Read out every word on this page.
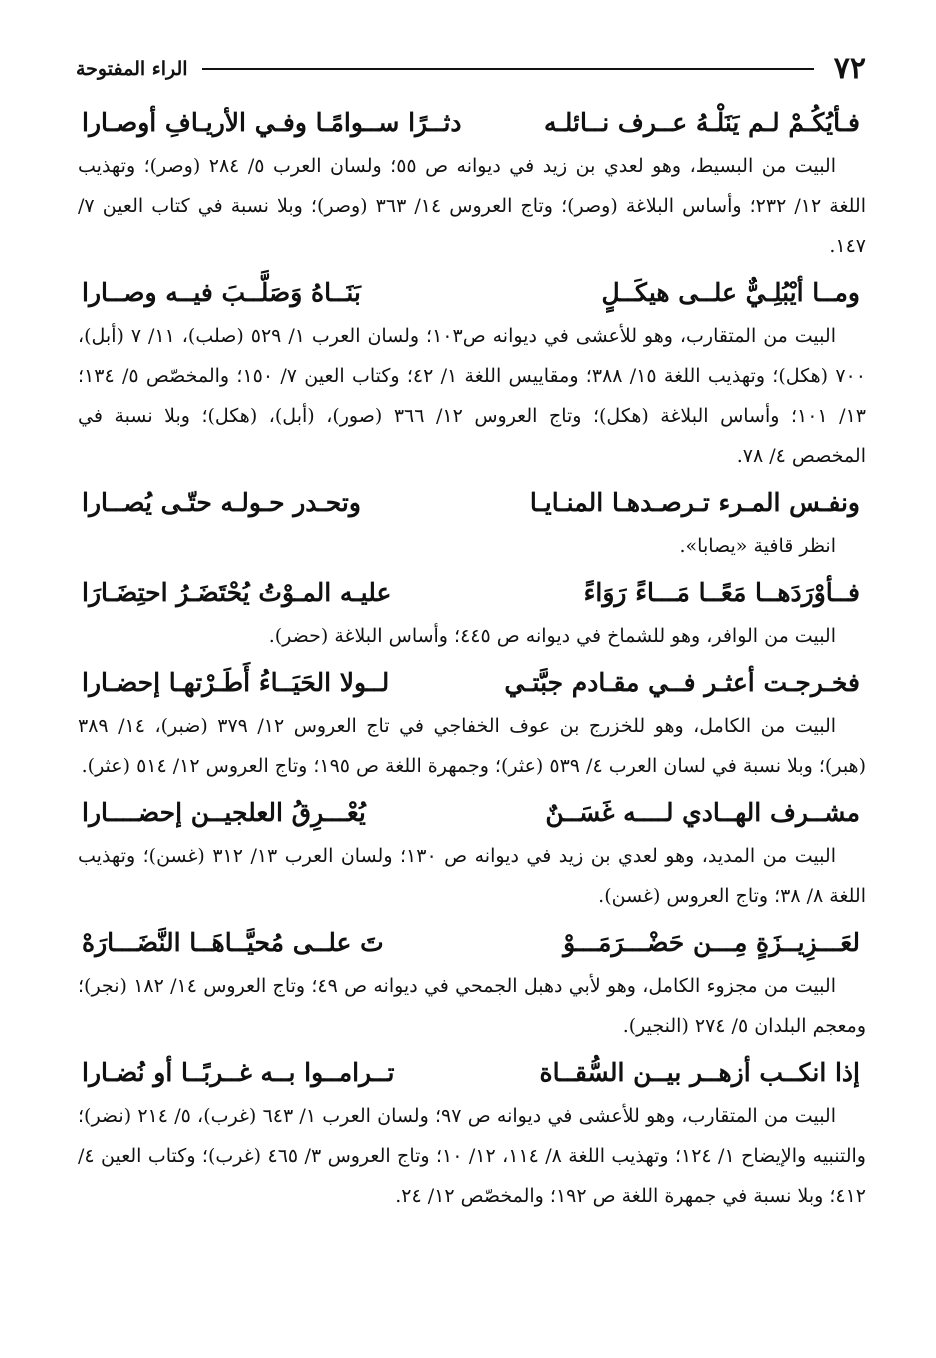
٧٢
الراء المفتوحة
فـأيُكُـمْ لـم يَنَلْـهُ عــرف نــائلـه
دثــرًا ســوامًـا وفـي الأريـافِ أوصـارا
البيت من البسيط، وهو لعدي بن زيد في ديوانه ص ٥٥؛ ولسان العرب ٥/ ٢٨٤ (وصر)؛ وتهذيب اللغة ١٢/ ٢٣٢؛ وأساس البلاغة (وصر)؛ وتاج العروس ١٤/ ٣٦٣ (وصر)؛ وبلا نسبة في كتاب العين ٧/ ١٤٧.
ومــا أيْبُلِـيٌّ علــى هيكَــلٍ
بَنَــاهُ وَصَلَّــبَ فيــه وصــارا
البيت من المتقارب، وهو للأعشى في ديوانه ص١٠٣؛ ولسان العرب ١/ ٥٢٩ (صلب)، ١١/ ٧ (أبل)، ٧٠٠ (هكل)؛ وتهذيب اللغة ١٥/ ٣٨٨؛ ومقاييس اللغة ١/ ٤٢؛ وكتاب العين ٧/ ١٥٠؛ والمخصّص ٥/ ١٣٤؛ ١٣/ ١٠١؛ وأساس البلاغة (هكل)؛ وتاج العروس ١٢/ ٣٦٦ (صور)، (أبل)، (هكل)؛ وبلا نسبة في المخصص ٤/ ٧٨.
ونفـس المـرء تـرصـدهـا المنـايـا
وتحـدر حـولـه حتّـى يُصــارا
انظر قافية «يصابا».
فــأوْرَدَهــا مَعًــا مَـــاءً رَوَاءً
عليـه المـوْتُ يُحْتَضَـرُ احتِضَـارَا
البيت من الوافر، وهو للشماخ في ديوانه ص ٤٤٥؛ وأساس البلاغة (حضر).
فخـرجـت أعثـر فــي مقـادم جبَّتـي
لــولا الحَيَــاءُ أَطَـرْتهـا إحضـارا
البيت من الكامل، وهو للخزرج بن عوف الخفاجي في تاج العروس ١٢/ ٣٧٩ (ضبر)، ١٤/ ٣٨٩ (هبر)؛ وبلا نسبة في لسان العرب ٤/ ٥٣٩ (عثر)؛ وجمهرة اللغة ص ١٩٥؛ وتاج العروس ١٢/ ٥١٤ (عثر).
مشــرف الهــادي لــــه غَسَــنٌ
يُعْـــرِقُ العلجيــن إحضــــارا
البيت من المديد، وهو لعدي بن زيد في ديوانه ص ١٣٠؛ ولسان العرب ١٣/ ٣١٢ (غسن)؛ وتهذيب اللغة ٨/ ٣٨؛ وتاج العروس (غسن).
لعَـــزِيــزَةٍ مِـــن حَضْـــرَمَـــوْ
تَ علــى مُحيَّــاهَــا النَّضَـــارَهْ
البيت من مجزوء الكامل، وهو لأبي دهبل الجمحي في ديوانه ص ٤٩؛ وتاج العروس ١٤/ ١٨٢ (نجر)؛ ومعجم البلدان ٥/ ٢٧٤ (النجير).
إذا انكــب أزهــر بيــن السُّقــاة
تــرامــوا بــه غــربًــا أو نُضـارا
البيت من المتقارب، وهو للأعشى في ديوانه ص ٩٧؛ ولسان العرب ١/ ٦٤٣ (غرب)، ٥/ ٢١٤ (نضر)؛ والتنبيه والإيضاح ١/ ١٢٤؛ وتهذيب اللغة ٨/ ١١٤، ١٢/ ١٠؛ وتاج العروس ٣/ ٤٦٥ (غرب)؛ وكتاب العين ٤/ ٤١٢؛ وبلا نسبة في جمهرة اللغة ص ١٩٢؛ والمخصّص ١٢/ ٢٤.
